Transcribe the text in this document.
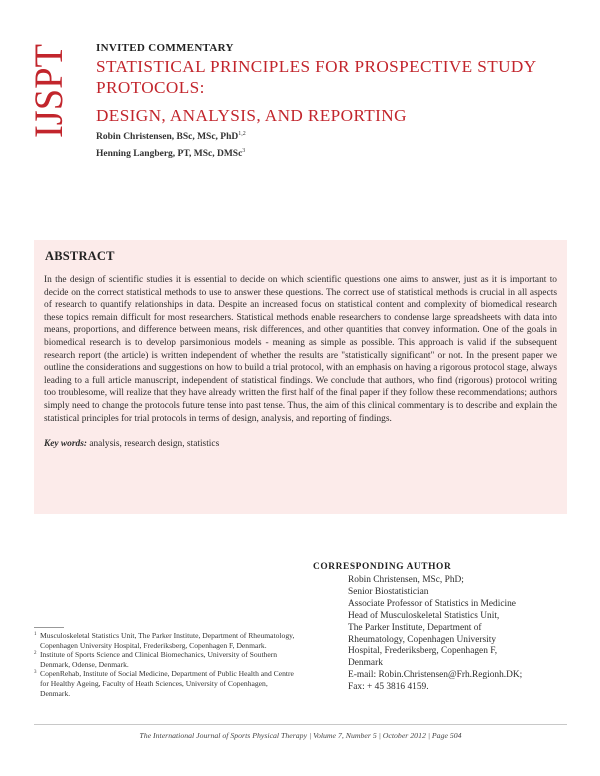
IJSPT INVITED COMMENTARY
STATISTICAL PRINCIPLES FOR PROSPECTIVE STUDY
PROTOCOLS:
DESIGN, ANALYSIS, AND REPORTING
Robin Christensen, BSc, MSc, PhD$^{1,2}$
Henning Langberg, PT, MSc, DMSc$^3$
ABSTRACT
In the design of scientific studies it is essential to decide on which scientific questions one aims to answer, just as it is important to decide on the correct statistical methods to use to answer these questions. The correct use of statistical methods is crucial in all aspects of research to quantify relationships in data. Despite an increased focus on statistical content and complexity of biomedical research these topics remain difficult for most researchers. Statistical methods enable researchers to condense large spreadsheets with data into means, proportions, and difference between means, risk differences, and other quantities that convey information. One of the goals in biomedical research is to develop parsimonious models - meaning as simple as possible. This approach is valid if the subsequent research report (the article) is written independent of whether the results are "statistically significant" or not. In the present paper we outline the considerations and suggestions on how to build a trial protocol, with an emphasis on having a rigorous protocol stage, always leading to a full article manuscript, independent of statistical findings. We conclude that authors, who find (rigorous) protocol writing too troublesome, will realize that they have already written the first half of the final paper if they follow these recommendations; authors simply need to change the protocols future tense into past tense. Thus, the aim of this clinical commentary is to describe and explain the statistical principles for trial protocols in terms of design, analysis, and reporting of findings.
Key words: analysis, research design, statistics
CORRESPONDING AUTHOR
Robin Christensen, MSc, PhD;
Senior Biostatistician
Associate Professor of Statistics in Medicine
Head of Musculoskeletal Statistics Unit,
The Parker Institute, Department of
Rheumatology, Copenhagen University
Hospital, Frederiksberg, Copenhagen F,
Denmark
E-mail: Robin.Christensen@Frh.Regionh.DK;
Fax: + 45 3816 4159.
1 Musculoskeletal Statistics Unit, The Parker Institute, Department of Rheumatology, Copenhagen University Hospital, Frederiksberg, Copenhagen F, Denmark.
2 Institute of Sports Science and Clinical Biomechanics, University of Southern Denmark, Odense, Denmark.
3 CopenRehab, Institute of Social Medicine, Department of Public Health and Centre for Healthy Ageing, Faculty of Heath Sciences, University of Copenhagen, Denmark.
The International Journal of Sports Physical Therapy | Volume 7, Number 5 | October 2012 | Page 504
